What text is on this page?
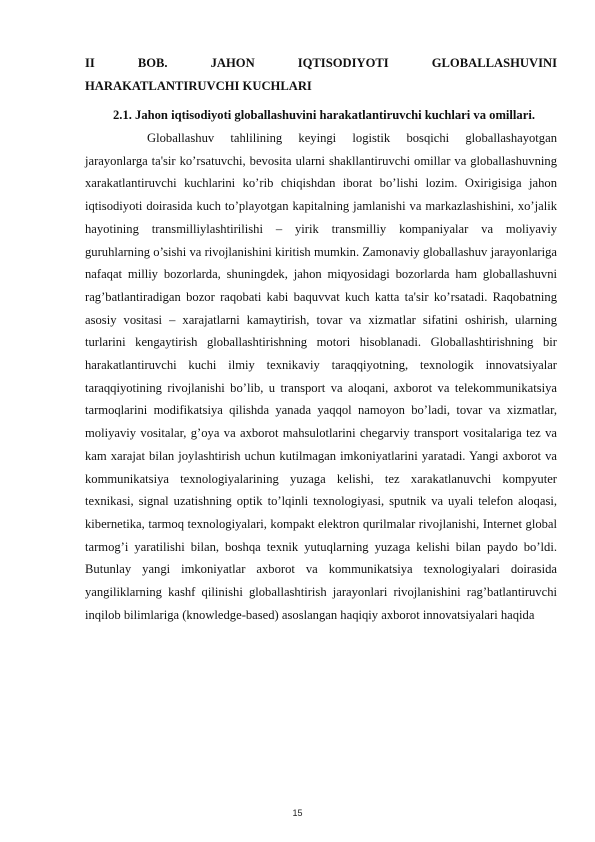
II BOB. JAHON IQTISODIYOTI GLOBALLASHUVINI
HARAKATLANTIRUVCHI KUCHLARI
2.1. Jahon iqtisodiyoti globallashuvini harakatlantiruvchi kuchlari va omillari.

Globallashuv tahlilining keyingi logistik bosqichi globallashayotgan jarayonlarga ta'sir ko’rsatuvchi, bevosita ularni shakllantiruvchi omillar va globallashuvning xarakatlantiruvchi kuchlarini ko’rib chiqishdan iborat bo’lishi lozim. Oxirigisiga jahon iqtisodiyoti doirasida kuch to’playotgan kapitalning jamlanishi va markazlashishini, xo’jalik hayotining transmilliylashtirilishi – yirik transmilliy kompaniyalar va moliyaviy guruhlarning o’sishi va rivojlanishini kiritish mumkin. Zamonaviy globallashuv jarayonlariga nafaqat milliy bozorlarda, shuningdek, jahon miqyosidagi bozorlarda ham globallashuvni rag’batlantiradigan bozor raqobati kabi baquvvat kuch katta ta'sir ko’rsatadi. Raqobatning asosiy vositasi – xarajatlarni kamaytirish, tovar va xizmatlar sifatini oshirish, ularning turlarini kengaytirish globallashtirishning motori hisoblanadi. Globallashtirishning bir harakatlantiruvchi kuchi ilmiy texnikaviy taraqqiyotning, texnologik innovatsiyalar taraqqiyotining rivojlanishi bo’lib, u transport va aloqani, axborot va telekommunikatsiya tarmoqlarini modifikatsiya qilishda yanada yaqqol namoyon bo’ladi, tovar va xizmatlar, moliyaviy vositalar, g’oya va axborot mahsulotlarini chegarviy transport vositalariga tez va kam xarajat bilan joylashtirish uchun kutilmagan imkoniyatlarini yaratadi. Yangi axborot va kommunikatsiya texnologiyalarining yuzaga kelishi, tez xarakatlanuvchi kompyuter texnikasi, signal uzatishning optik to’lqinli texnologiyasi, sputnik va uyali telefon aloqasi, kibernetika, tarmoq texnologiyalari, kompakt elektron qurilmalar rivojlanishi, Internet global tarmog’i yaratilishi bilan, boshqa texnik yutuqlarning yuzaga kelishi bilan paydo bo’ldi. Butunlay yangi imkoniyatlar axborot va kommunikatsiya texnologiyalari doirasida yangiliklarning kashf qilinishi globallashtirish jarayonlari rivojlanishini rag’batlantiruvchi inqilob bilimlariga (knowledge-based) asoslangan haqiqiy axborot innovatsiyalari haqida

15
